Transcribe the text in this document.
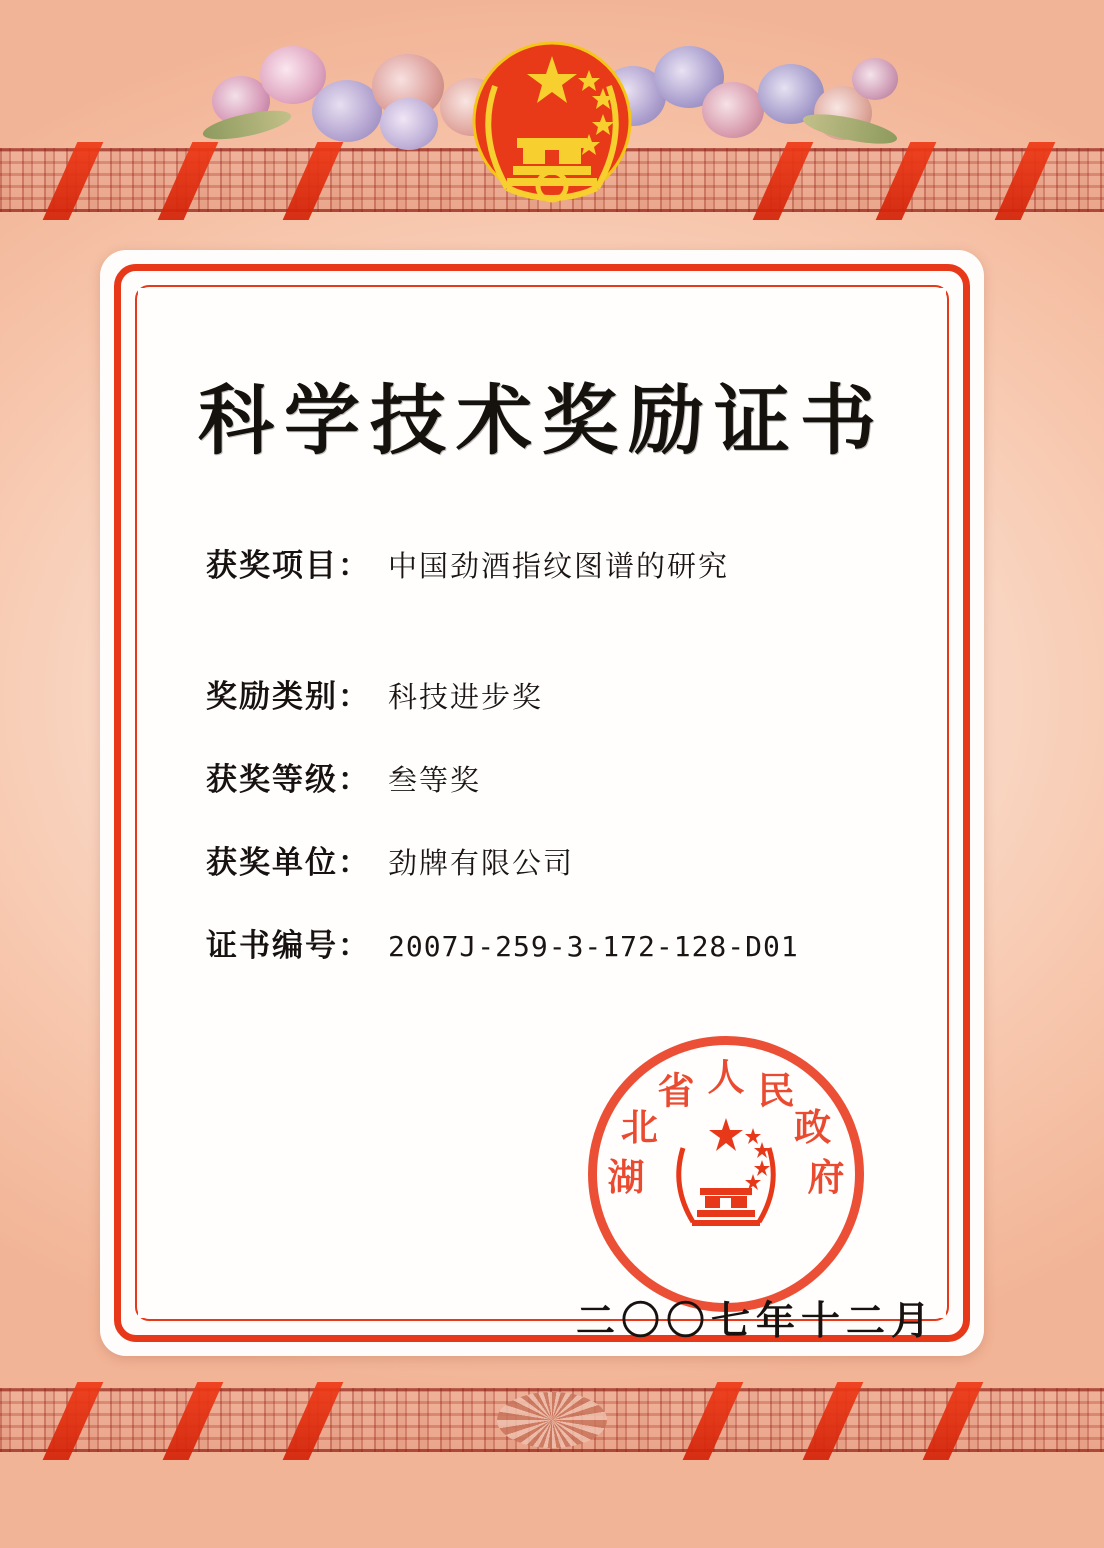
科学技术奖励证书
获奖项目： 中国劲酒指纹图谱的研究
奖励类别： 科技进步奖
获奖等级： 叁等奖
获奖单位： 劲牌有限公司
证书编号： 2007J-259-3-172-128-D01
湖
北
省 人 民
政
府
二〇〇七年十二月
